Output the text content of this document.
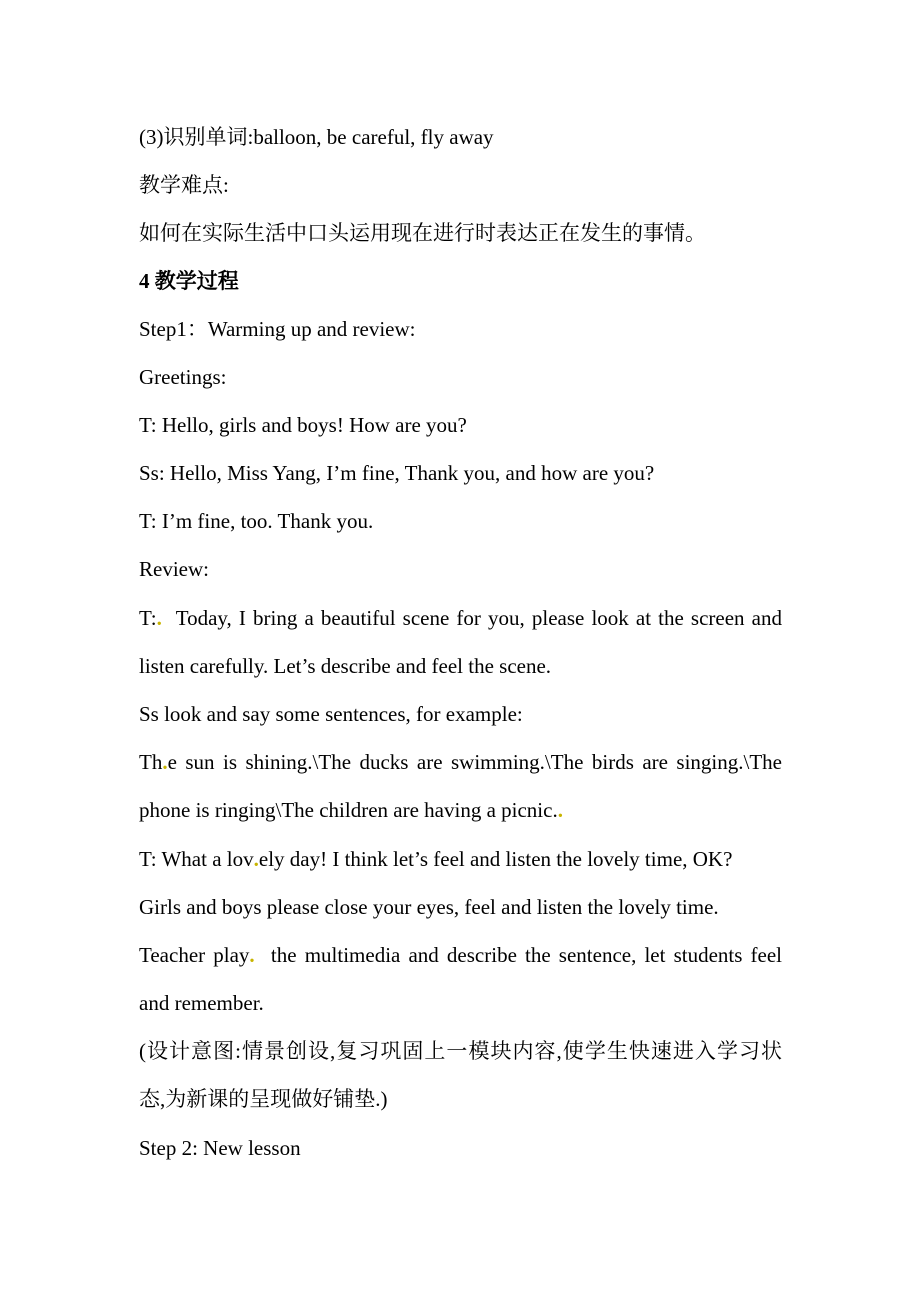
(3)识别单词:balloon, be careful, fly away
教学难点:
如何在实际生活中口头运用现在进行时表达正在发生的事情。
4 教学过程
Step1：Warming up and review:
Greetings:
T: Hello, girls and boys! How are you?
Ss: Hello, Miss Yang, I’m fine, Thank you, and how are you?
T: I’m fine, too. Thank you.
Review:
T:.  Today, I bring a beautiful scene for you, please look at the screen and
listen carefully. Let’s describe and feel the scene.
Ss look and say some sentences, for example:
Th.e sun is shining.\The ducks are swimming.\The birds are singing.\The
phone is ringing\The children are having a picnic..
T: What a lov.ely day! I think let’s feel and listen the lovely time, OK?
Girls and boys please close your eyes, feel and listen the lovely time.
Teacher play.  the multimedia and describe the sentence, let students feel
and remember.
(设计意图:情景创设,复习巩固上一模块内容,使学生快速进入学习状
态,为新课的呈现做好铺垫.)
Step 2: New lesson
